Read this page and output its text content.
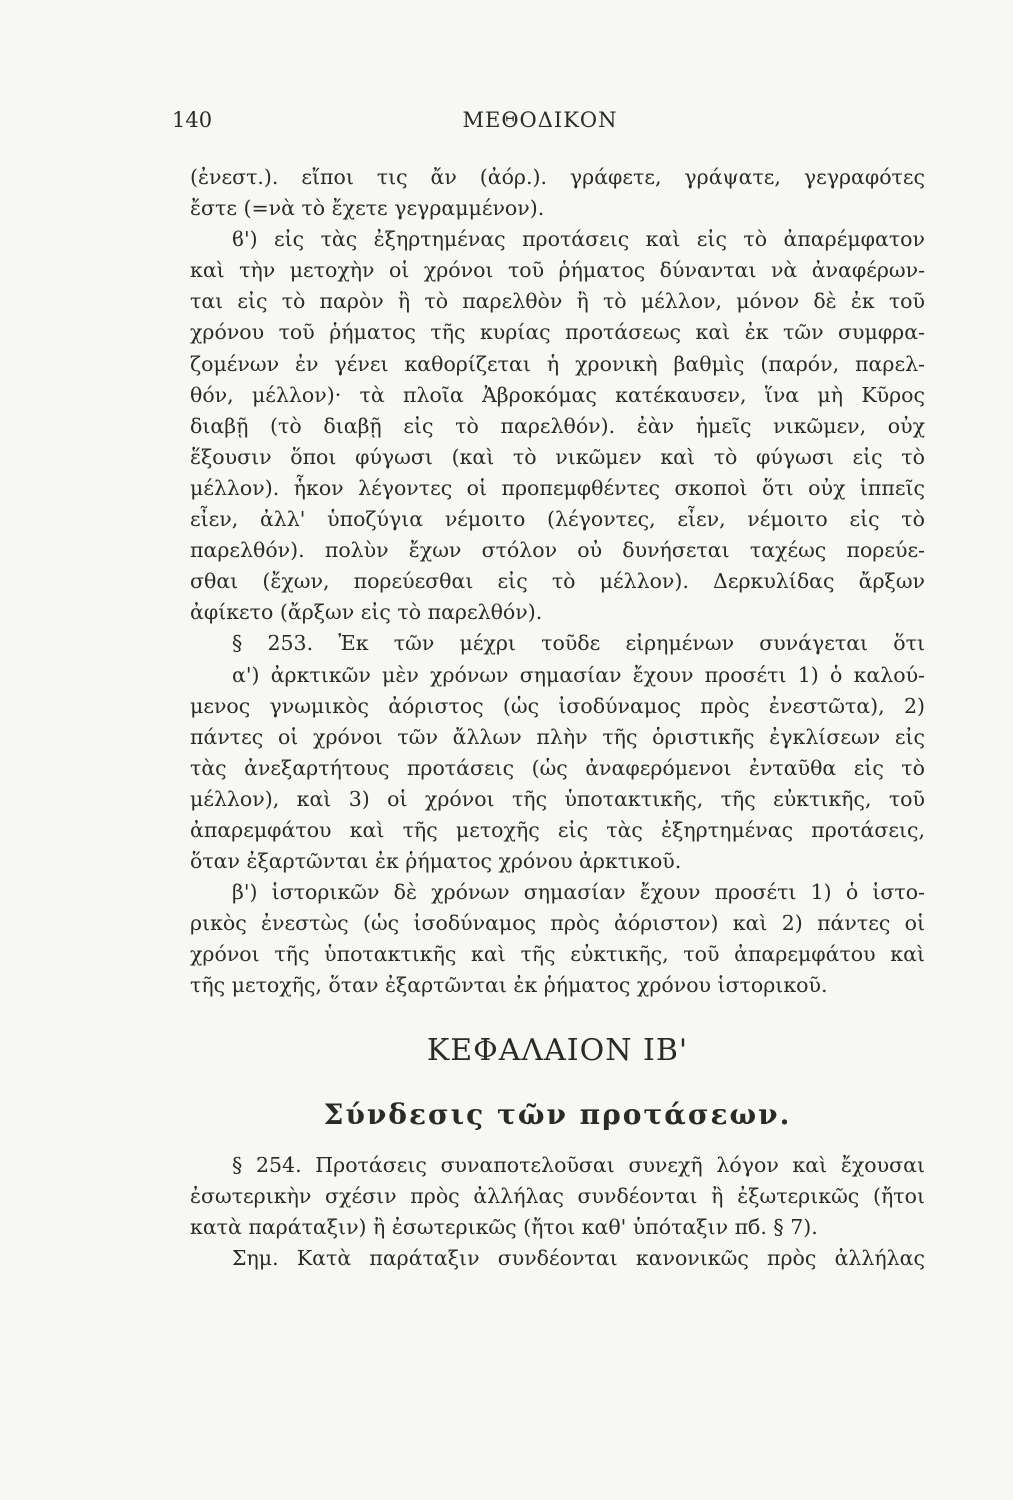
140	ΜΕΘΟΔΙΚΟΝ
(ἐνεστ.). εἴποι τις ἄν (ἀόρ.). γράφετε, γράψατε, γεγραφότες
ἔστε (=νὰ τὸ ἔχετε γεγραμμένον).
ϐ') εἰς τὰς ἐξηρτημένας προτάσεις καὶ εἰς τὸ ἀπαρέμφατον
καὶ τὴν μετοχὴν οἱ χρόνοι τοῦ ῥήματος δύνανται νὰ ἀναφέρων-
ται εἰς τὸ παρὸν ἢ τὸ παρελθὸν ἢ τὸ μέλλον, μόνον δὲ ἐκ τοῦ
χρόνου τοῦ ῥήματος τῆς κυρίας προτάσεως καὶ ἐκ τῶν συμφρα-
ζομένων ἐν γένει καθορίζεται ἡ χρονικὴ βαθμὶς (παρόν, παρελ-
θόν, μέλλον)· τὰ πλοῖα Ἀβροκόμας κατέκαυσεν, ἵνα μὴ Κῦρος
διαβῇ (τὸ διαβῇ εἰς τὸ παρελθόν). ἐὰν ἡμεῖς νικῶμεν, οὐχ
ἕξουσιν ὅποι φύγωσι (καὶ τὸ νικῶμεν καὶ τὸ φύγωσι εἰς τὸ
μέλλον). ἧκον λέγοντες οἱ προπεμφθέντες σκοποὶ ὅτι οὐχ ἱππεῖς
εἶεν, ἀλλ' ὑποζύγια νέμοιτο (λέγοντες, εἶεν, νέμοιτο εἰς τὸ
παρελθόν). πολὺν ἔχων στόλον οὐ δυνήσεται ταχέως πορεύε-
σθαι (ἔχων, πορεύεσθαι εἰς τὸ μέλλον). Δερκυλίδας ἄρξων
ἀφίκετο (ἄρξων εἰς τὸ παρελθόν).
§ 253. Ἐκ τῶν μέχρι τοῦδε εἰρημένων συνάγεται ὅτι
α') ἀρκτικῶν μὲν χρόνων σημασίαν ἔχουν προσέτι 1) ὁ καλού-
μενος γνωμικὸς ἀόριστος (ὡς ἰσοδύναμος πρὸς ἐνεστῶτα), 2)
πάντες οἱ χρόνοι τῶν ἄλλων πλὴν τῆς ὁριστικῆς ἐγκλίσεων εἰς
τὰς ἀνεξαρτήτους προτάσεις (ὡς ἀναφερόμενοι ἐνταῦθα εἰς τὸ
μέλλον), καὶ 3) οἱ χρόνοι τῆς ὑποτακτικῆς, τῆς εὐκτικῆς, τοῦ
ἀπαρεμφάτου καὶ τῆς μετοχῆς εἰς τὰς ἐξηρτημένας προτάσεις,
ὅταν ἐξαρτῶνται ἐκ ῥήματος χρόνου ἀρκτικοῦ.
β') ἱστορικῶν δὲ χρόνων σημασίαν ἔχουν προσέτι 1) ὁ ἱστο-
ρικὸς ἐνεστὼς (ὡς ἰσοδύναμος πρὸς ἀόριστον) καὶ 2) πάντες οἱ
χρόνοι τῆς ὑποτακτικῆς καὶ τῆς εὐκτικῆς, τοῦ ἀπαρεμφάτου καὶ
τῆς μετοχῆς, ὅταν ἐξαρτῶνται ἐκ ῥήματος χρόνου ἱστορικοῦ.
ΚΕΦΑΛΑΙΟΝ ΙΒ'
Σύνδεσις τῶν προτάσεων.
§ 254. Προτάσεις συναποτελοῦσαι συνεχῆ λόγον καὶ ἔχουσαι
ἐσωτερικὴν σχέσιν πρὸς ἀλλήλας συνδέονται ἢ ἐξωτερικῶς (ἤτοι
κατὰ παράταξιν) ἢ ἐσωτερικῶς (ἤτοι καθ' ὑπόταξιν πб. § 7).
Σημ. Κατὰ παράταξιν συνδέονται κανονικῶς πρὸς ἀλλήλας
